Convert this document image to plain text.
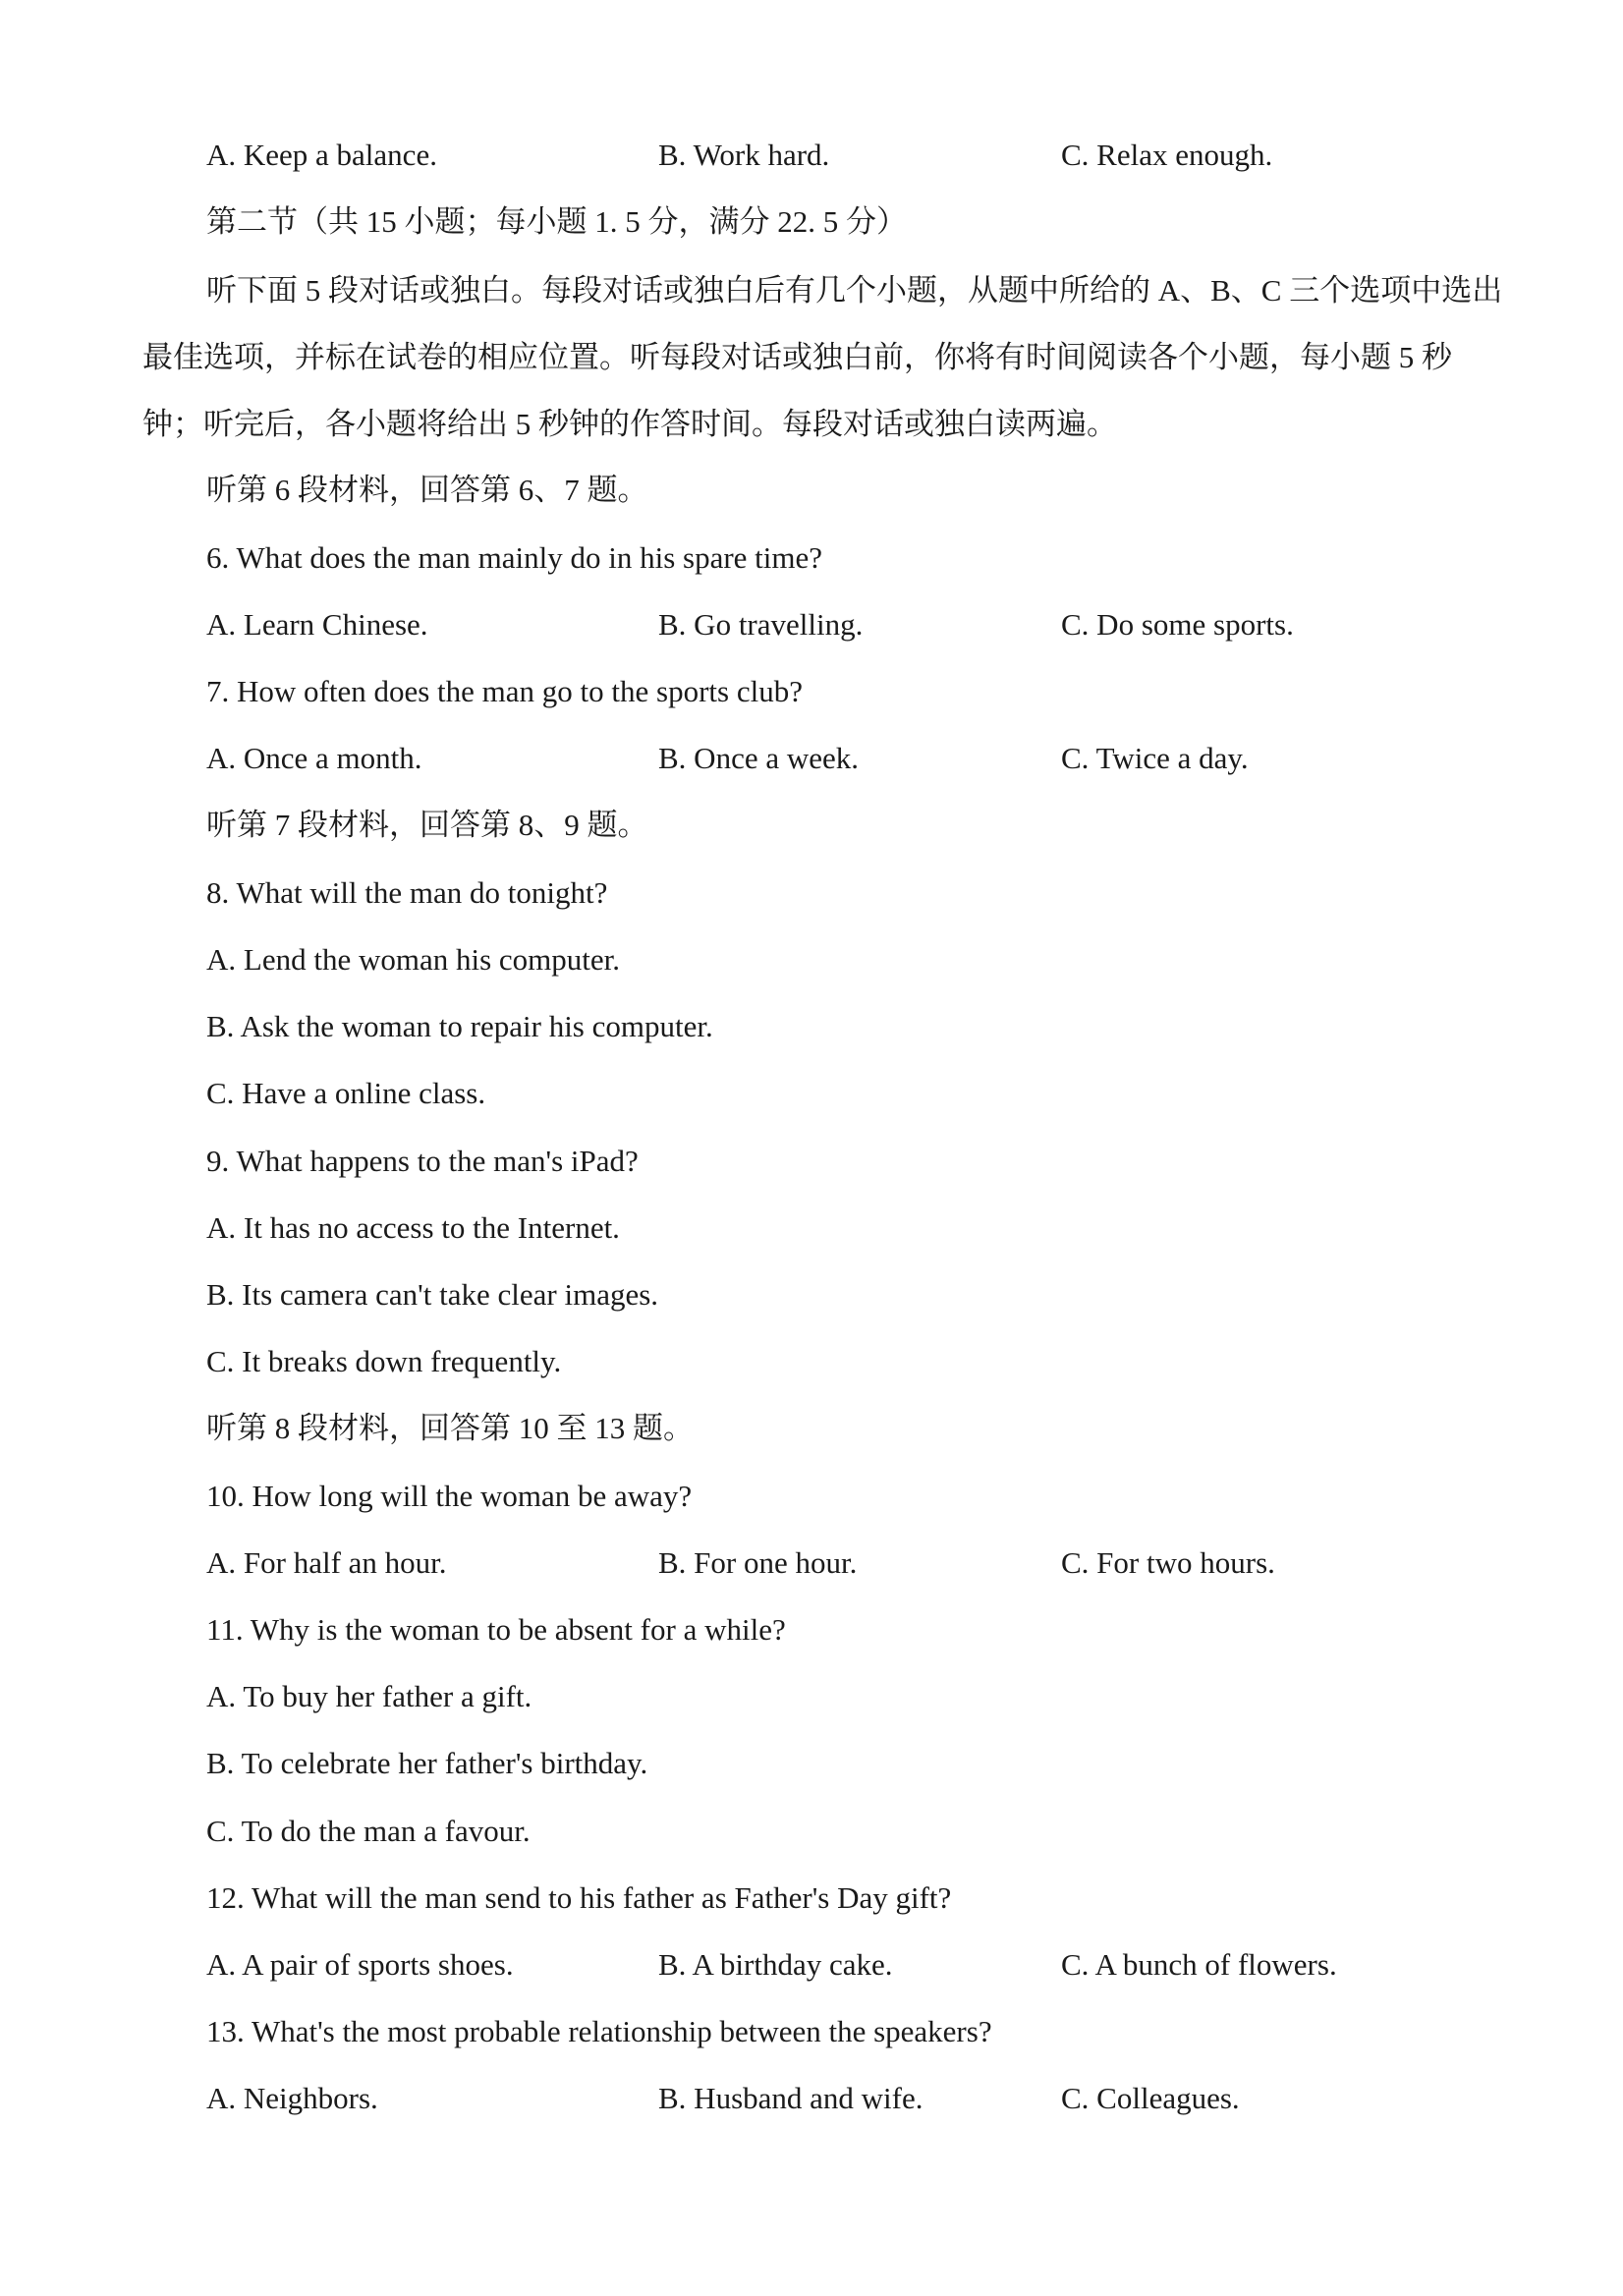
A. Keep a balance.	B. Work hard.	C. Relax enough.
第二节（共 15 小题；每小题 1. 5 分，满分 22. 5 分）
听下面 5 段对话或独白。每段对话或独白后有几个小题，从题中所给的 A、B、C 三个选项中选出最佳选项，并标在试卷的相应位置。听每段对话或独白前，你将有时间阅读各个小题，每小题 5 秒钟；听完后，各小题将给出 5 秒钟的作答时间。每段对话或独白读两遍。
听第 6 段材料，回答第 6、7 题。
6. What does the man mainly do in his spare time?
A. Learn Chinese.	B. Go travelling.	C. Do some sports.
7. How often does the man go to the sports club?
A. Once a month.	B. Once a week.	C. Twice a day.
听第 7 段材料，回答第 8、9 题。
8. What will the man do tonight?
A. Lend the woman his computer.
B. Ask the woman to repair his computer.
C. Have a online class.
9. What happens to the man's iPad?
A. It has no access to the Internet.
B. Its camera can't take clear images.
C. It breaks down frequently.
听第 8 段材料，回答第 10 至 13 题。
10. How long will the woman be away?
A. For half an hour.	B. For one hour.	C. For two hours.
11. Why is the woman to be absent for a while?
A. To buy her father a gift.
B. To celebrate her father's birthday.
C. To do the man a favour.
12. What will the man send to his father as Father's Day gift?
A. A pair of sports shoes.	B. A birthday cake.	C. A bunch of flowers.
13. What's the most probable relationship between the speakers?
A. Neighbors.	B. Husband and wife.	C. Colleagues.
